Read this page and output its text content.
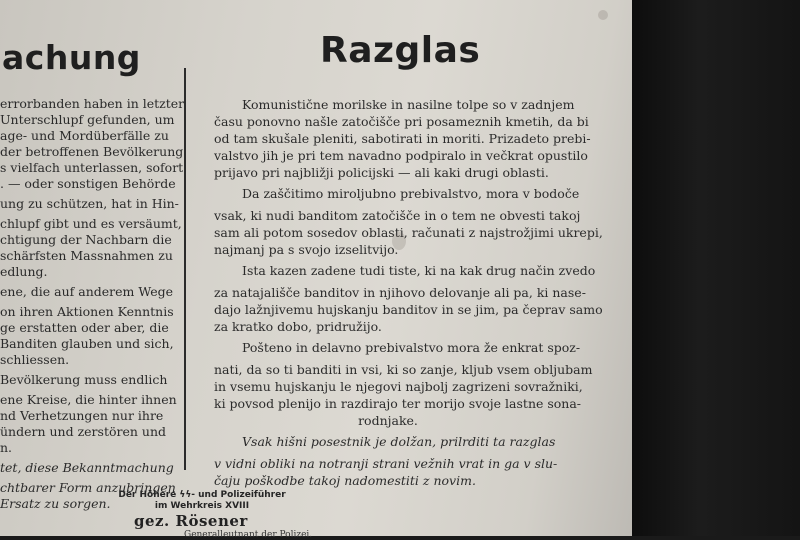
achung
errorbanden haben in letzter
Unterschlupf gefunden, um
age- und Mordüberfälle zu
der betroffenen Bevölkerung
s vielfach unterlassen, sofort
. — oder sonstigen Behörde
ung zu schützen, hat in Hin-
chlupf gibt und es versäumt,
chtigung der Nachbarn die
schärfsten Massnahmen zu
edlung.
ene, die auf anderem Wege
on ihren Aktionen Kenntnis
ge erstatten oder aber, die
Banditen glauben und sich,
schliessen.
Bevölkerung muss endlich
ene Kreise, die hinter ihnen
nd Verhetzungen nur ihre
ündern und zerstören und
n.
tet, diese Bekanntmachung
chtbarer Form anzubringen
Ersatz zu sorgen.
Razglas
Komunistične morilske in nasilne tolpe so v zadnjem
času ponovno našle zatočišče pri posameznih kmetih, da bi
od tam skušale pleniti, sabotirati in moriti. Prizadeto prebi-
valstvo jih je pri tem navadno podpiralo in večkrat opustilo
prijavo pri najbližji policijski — ali kaki drugi oblasti.
Da zaščitimo miroljubno prebivalstvo, mora v bodoče
vsak, ki nudi banditom zatočišče in o tem ne obvesti takoj
sam ali potom sosedov oblasti, računati z najstrožjimi ukrepi,
najmanj pa s svojo izselitvijo.
Ista kazen zadene tudi tiste, ki na kak drug način zvedo
za natajališče banditov in njihovo delovanje ali pa, ki nase-
dajo lažnjivemu hujskanju banditov in se jim, pa čeprav samo
za kratko dobo, pridružijo.
Pošteno in delavno prebivalstvo mora že enkrat spoz-
nati, da so ti banditi in vsi, ki so zanje, kljub vsem obljubam
in vsemu hujskanju le njegovi najbolj zagrizeni sovražniki,
ki povsod plenijo in razdirajo ter morijo svoje lastne sona-
rodnjake.
Vsak hišni posestnik je dolžan, prilrditi ta razglas
v vidni obliki na notranji strani vežnih vrat in ga v slu-
čaju poškodbe takoj nadomestiti z novim.
Der Höhere ϟϟ- und Polizeiführer
im Wehrkreis XVIII
gez. Rösener
Generalleutnant der Polizei.
